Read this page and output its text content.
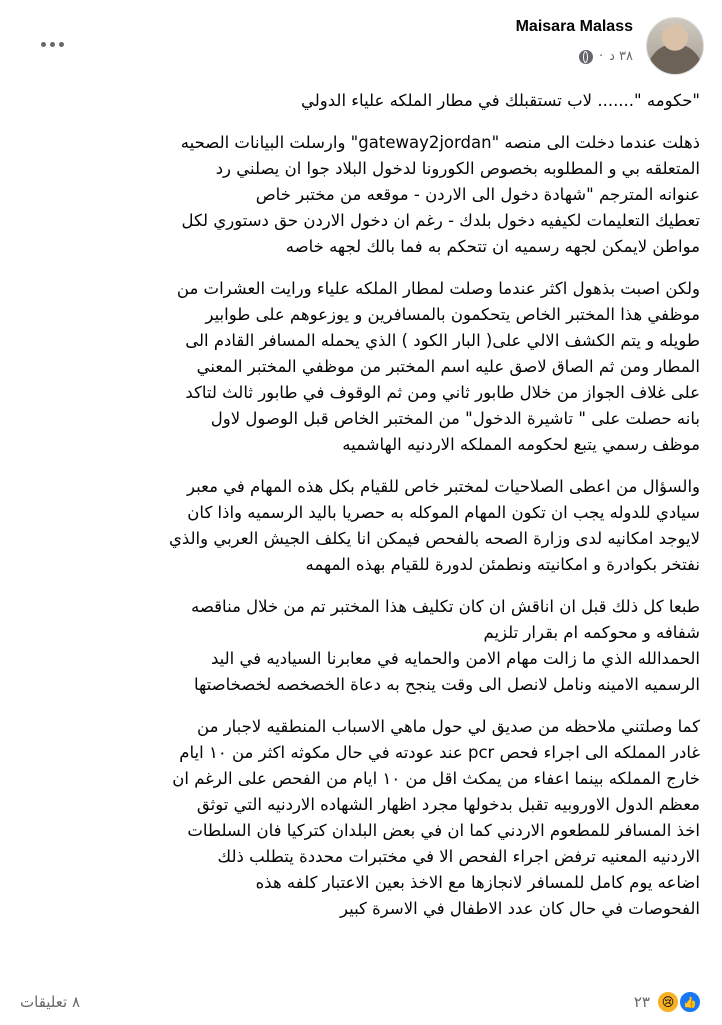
Maisara Malass
٣٨ د
·

"حكومه "....... لاب تستقبلك في مطار الملكه علياء الدولي

ذهلت عندما دخلت الى منصه "gateway2jordan" وارسلت البيانات الصحيه
المتعلقه بي و المطلوبه بخصوص الكورونا لدخول البلاد جوا ان يصلني رد
عنوانه المترجم "شهادة دخول الى الاردن - موقعه من مختبر خاص
تعطيك التعليمات لكيفيه دخول بلدك - رغم ان دخول الاردن حق دستوري لكل
مواطن لايمكن لجهه رسميه ان تتحكم به فما بالك لجهه خاصه

ولكن اصبت بذهول اكثر عندما وصلت لمطار الملكه علياء ورايت العشرات من
موظفي هذا المختبر الخاص يتحكمون بالمسافرين و يوزعوهم على طوابير
طويله و يتم الكشف الالي على( البار الكود ) الذي يحمله المسافر القادم الى
المطار ومن ثم الصاق لاصق عليه اسم المختبر من موظفي المختبر المعني
على غلاف الجواز من خلال طابور ثاني ومن ثم الوقوف في طابور ثالث لتاكد
بانه حصلت على " تاشيرة الدخول" من المختبر الخاص قبل الوصول لاول
موظف رسمي يتبع لحكومه المملكه الاردنيه الهاشميه

والسؤال من اعطى الصلاحيات لمختبر خاص للقيام بكل هذه المهام في معبر
سيادي للدوله يجب ان تكون المهام الموكله به حصريا باليد الرسميه واذا كان
لايوجد امكانيه لدى وزارة الصحه بالفحص فيمكن انا يكلف الجيش العربي والذي
نفتخر بكوادرة و امكانيته ونطمئن لدورة للقيام بهذه المهمه

طبعا كل ذلك قبل ان اناقش ان كان تكليف هذا المختبر تم من خلال مناقصه
شفافه و محوكمه ام بقرار تلزيم
الحمدالله الذي ما زالت مهام الامن والحمايه في معابرنا السياديه في اليد
الرسميه الامينه ونامل لانصل الى وقت ينجح به دعاة الخصخصه لخصخاصتها

كما وصلتني ملاحظه من صديق لي حول ماهي الاسباب المنطقيه لاجبار من
غادر المملكه الى اجراء فحص pcr عند عودته في حال مكوثه اكثر من ١٠ ايام
خارج المملكه بينما اعفاء من يمكث اقل من ١٠ ايام من الفحص على الرغم ان
معظم الدول الاوروبيه تقبل بدخولها مجرد اظهار الشهاده الاردنيه التي توثق
اخذ المسافر للمطعوم الاردني كما ان في بعض البلدان كتركيا فان السلطات
الاردنيه المعنيه ترفض اجراء الفحص الا في مختبرات محددة يتطلب ذلك
اضاعه يوم كامل للمسافر لانجازها مع الاخذ بعين الاعتبار كلفه هذه
الفحوصات في حال كان عدد الاطفال في الاسرة كبير

٨ تعليقات	👍
😢
٢٣
